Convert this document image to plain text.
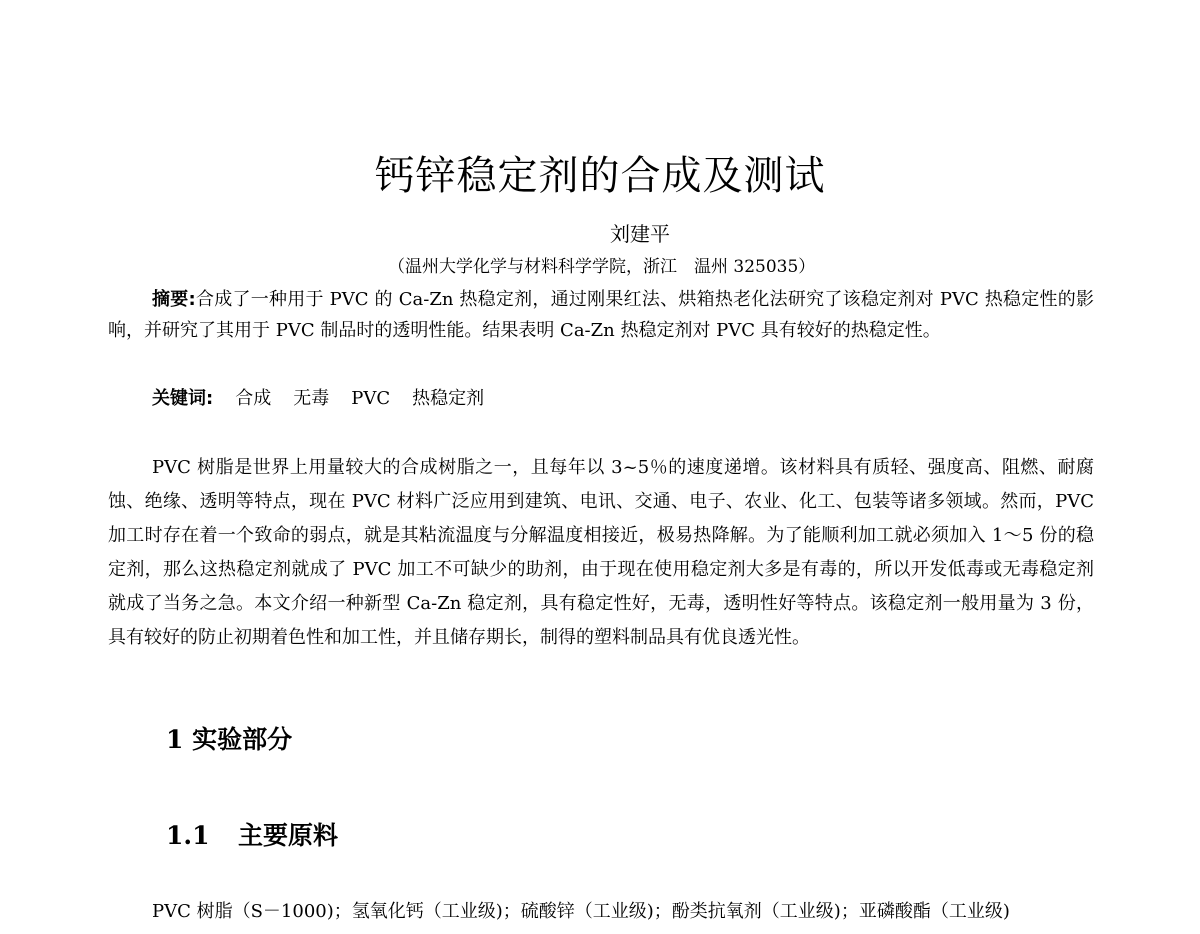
钙锌稳定剂的合成及测试
刘建平
（温州大学化学与材料科学学院，浙江　温州 325035）
摘要:合成了一种用于 PVC 的 Ca-Zn 热稳定剂，通过刚果红法、烘箱热老化法研究了该稳定剂对 PVC 热稳定性的影响，并研究了其用于 PVC 制品时的透明性能。结果表明 Ca-Zn 热稳定剂对 PVC 具有较好的热稳定性。
关键词: 合成 无毒 PVC 热稳定剂
PVC 树脂是世界上用量较大的合成树脂之一，且每年以 3~5％的速度递增。该材料具有质轻、强度高、阻燃、耐腐蚀、绝缘、透明等特点，现在 PVC 材料广泛应用到建筑、电讯、交通、电子、农业、化工、包装等诸多领域。然而，PVC 加工时存在着一个致命的弱点，就是其粘流温度与分解温度相接近，极易热降解。为了能顺利加工就必须加入 1～5 份的稳定剂，那么这热稳定剂就成了 PVC 加工不可缺少的助剂，由于现在使用稳定剂大多是有毒的，所以开发低毒或无毒稳定剂就成了当务之急。本文介绍一种新型 Ca-Zn 稳定剂，具有稳定性好，无毒，透明性好等特点。该稳定剂一般用量为 3 份，具有较好的防止初期着色性和加工性，并且储存期长，制得的塑料制品具有优良透光性。
1 实验部分
1.1 主要原料
PVC 树脂（S－1000)；氢氧化钙（工业级)；硫酸锌（工业级)；酚类抗氧剂（工业级)；亚磷酸酯（工业级)
